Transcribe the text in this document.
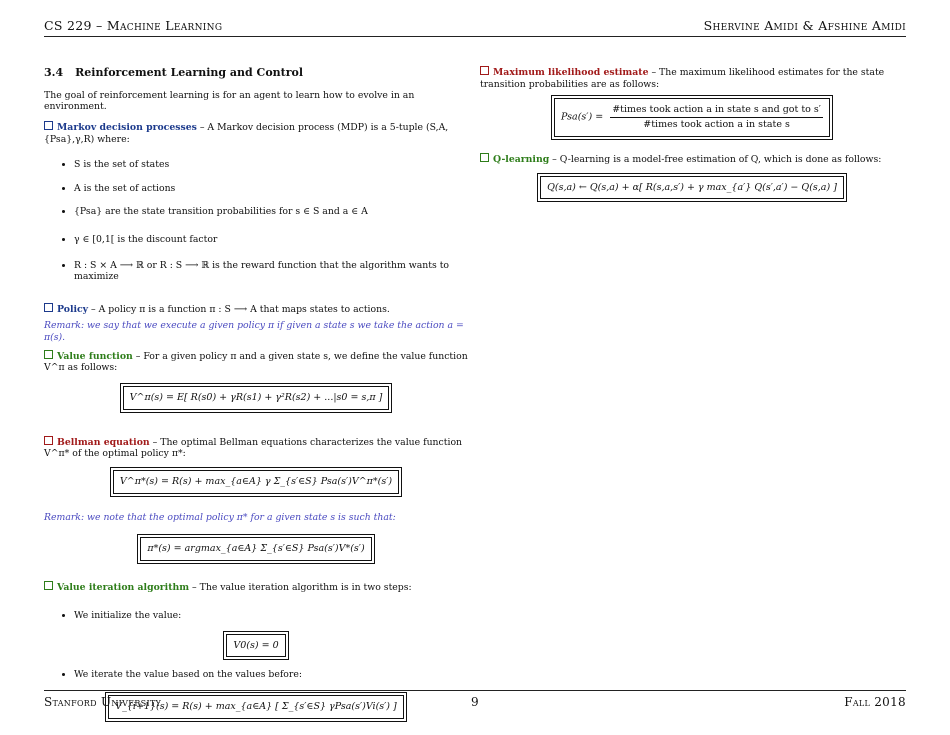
CS 229 – Machine Learning	Shervine Amidi & Afshine Amidi
3.4 Reinforcement Learning and Control

The goal of reinforcement learning is for an agent to learn how to evolve in an environment.

Markov decision processes – A Markov decision process (MDP) is a 5-tuple (S,A,{Psa},γ,R) where:

• S is the set of states
• A is the set of actions
• {Psa} are the state transition probabilities for s ∈ S and a ∈ A
• γ ∈ [0,1[ is the discount factor
• R : S × A ⟶ ℝ or R : S ⟶ ℝ is the reward function that the algorithm wants to maximize

Policy – A policy π is a function π : S ⟶ A that maps states to actions.

Remark: we say that we execute a given policy π if given a state s we take the action a = π(s).

Value function – For a given policy π and a given state s, we define the value function V^π as follows:

V^π(s) = E[ R(s0) + γR(s1) + γ²R(s2) + ...|s0 = s,π ]

Bellman equation – The optimal Bellman equations characterizes the value function V^π* of the optimal policy π*:

V^π*(s) = R(s) + max_{a∈A} γ Σ_{s′∈S} Psa(s′)V^π*(s′)

Remark: we note that the optimal policy π* for a given state s is such that:

π*(s) = argmax_{a∈A} Σ_{s′∈S} Psa(s′)V*(s′)

Value iteration algorithm – The value iteration algorithm is in two steps:

• We initialize the value:
V0(s) = 0
• We iterate the value based on the values before:
V_{i+1}(s) = R(s) + max_{a∈A} [ Σ_{s′∈S} γPsa(s′)Vi(s′) ]

Maximum likelihood estimate – The maximum likelihood estimates for the state transition probabilities are as follows:

Psa(s′) =
#times took action a in state s and got to s′
#times took action a in state s

Q-learning – Q-learning is a model-free estimation of Q, which is done as follows:

Q(s,a) ← Q(s,a) + α[ R(s,a,s′) + γ max_{a′} Q(s′,a′) − Q(s,a) ]
Stanford University	9	Fall 2018
